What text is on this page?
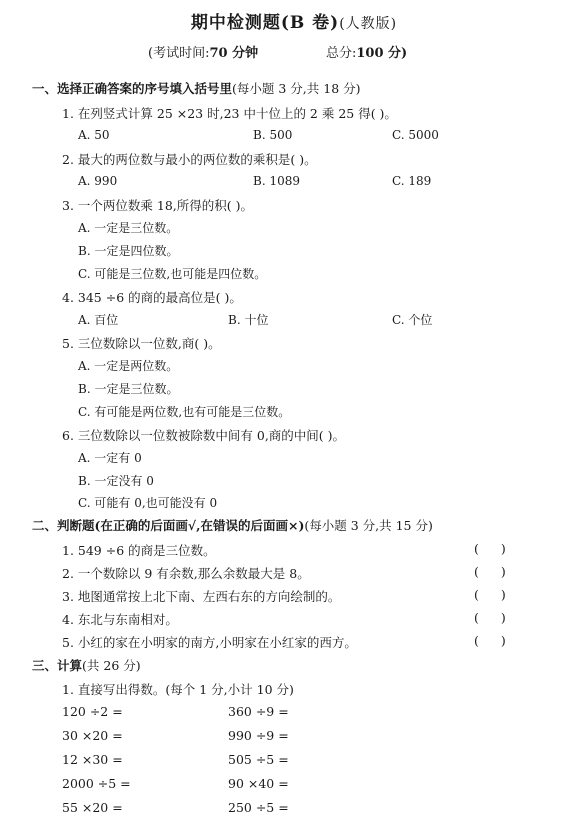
期中检测题(B 卷)(人教版)
(考试时间:70 分钟	总分:100 分)
一、选择正确答案的序号填入括号里(每小题 3 分,共 18 分)
1. 在列竖式计算 25 ×23 时,23 中十位上的 2 乘 25 得( )。
A. 50	B. 500	C. 5000
2. 最大的两位数与最小的两位数的乘积是( )。
A. 990	B. 1089	C. 189
3. 一个两位数乘 18,所得的积( )。
A. 一定是三位数。
B. 一定是四位数。
C. 可能是三位数,也可能是四位数。
4. 345 ÷6 的商的最高位是( )。
A. 百位	B. 十位	C. 个位
5. 三位数除以一位数,商( )。
A. 一定是两位数。
B. 一定是三位数。
C. 有可能是两位数,也有可能是三位数。
6. 三位数除以一位数被除数中间有 0,商的中间( )。
A. 一定有 0
B. 一定没有 0
C. 可能有 0,也可能没有 0
二、判断题(在正确的后面画√,在错误的后面画×)(每小题 3 分,共 15 分)
1. 549 ÷6 的商是三位数。	( )
2. 一个数除以 9 有余数,那么余数最大是 8。	( )
3. 地图通常按上北下南、左西右东的方向绘制的。	( )
4. 东北与东南相对。	( )
5. 小红的家在小明家的南方,小明家在小红家的西方。	( )
三、计算(共 26 分)
1. 直接写出得数。(每个 1 分,小计 10 分)
120 ÷2 =	360 ÷9 =
30 ×20 =	990 ÷9 =
12 ×30 =	505 ÷5 =
2000 ÷5 =	90 ×40 =
55 ×20 =	250 ÷5 =
